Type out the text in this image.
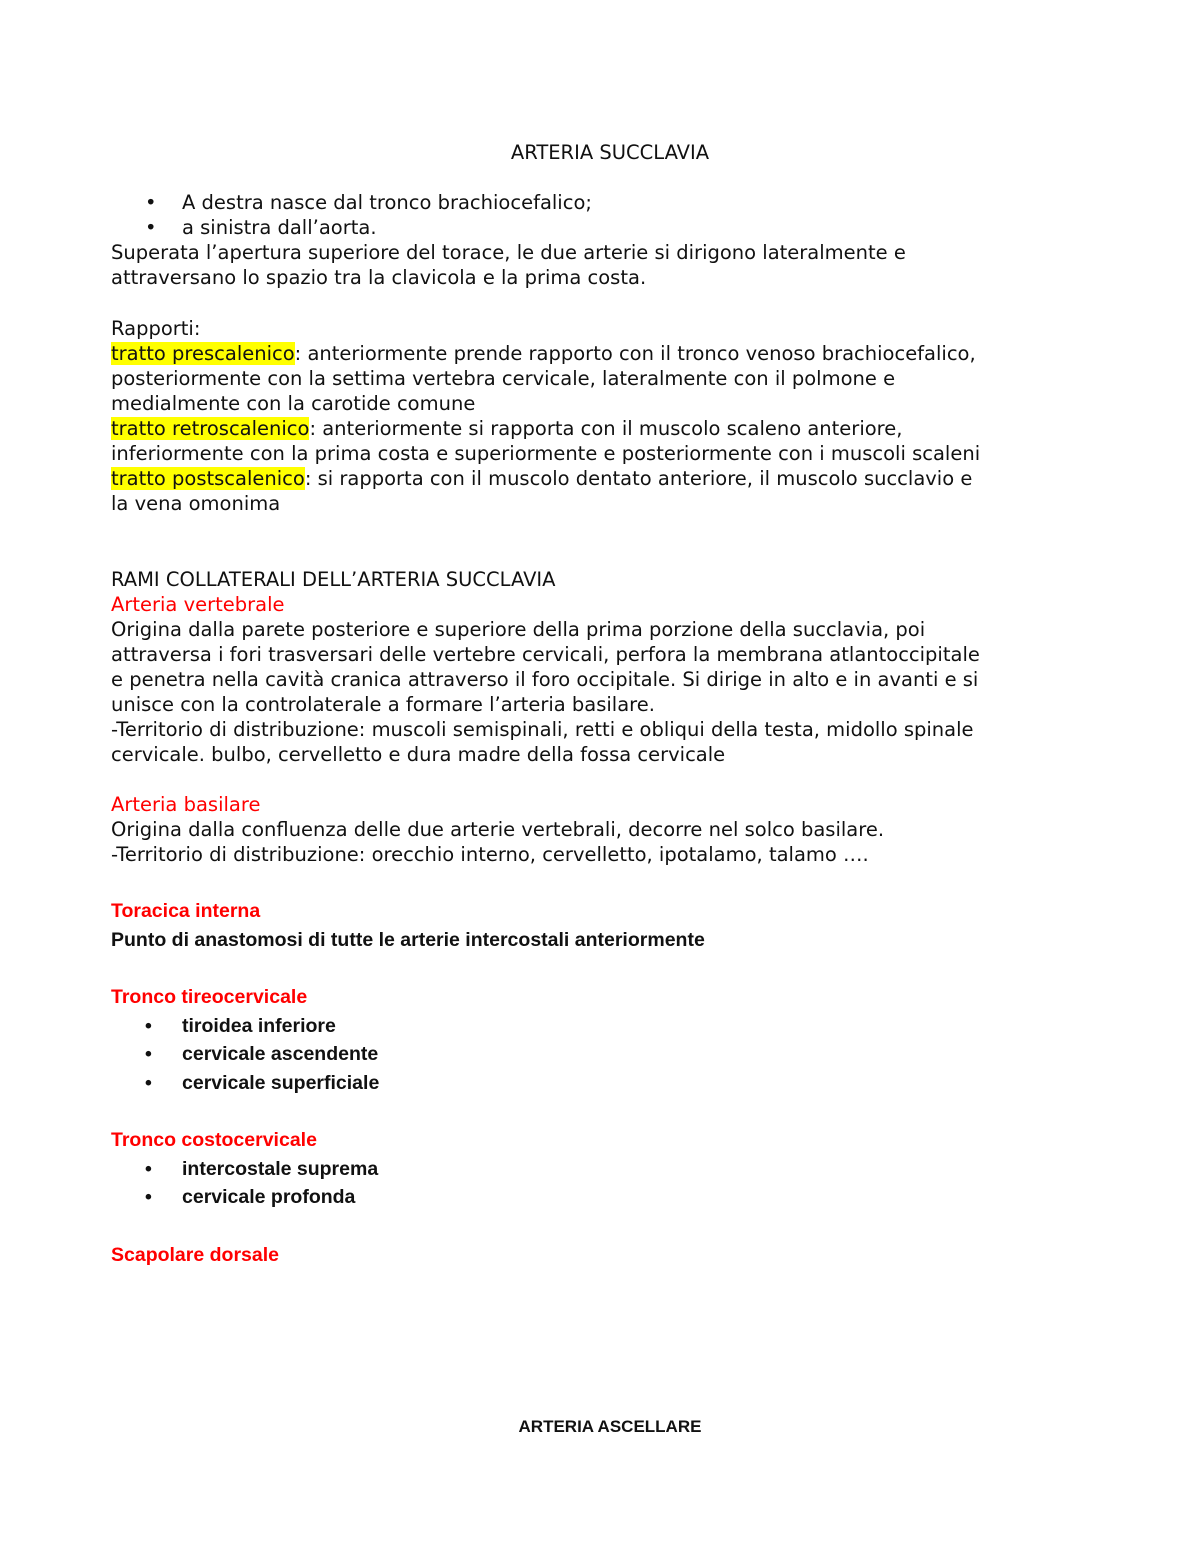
ARTERIA SUCCLAVIA
• A destra nasce dal tronco brachiocefalico;
• a sinistra dall’aorta.
Superata l’apertura superiore del torace, le due arterie si dirigono lateralmente e
attraversano lo spazio tra la clavicola e la prima costa.
Rapporti:
tratto prescalenico: anteriormente prende rapporto con il tronco venoso brachiocefalico,
posteriormente con la settima vertebra cervicale, lateralmente con il polmone e
medialmente con la carotide comune
tratto retroscalenico: anteriormente si rapporta con il muscolo scaleno anteriore,
inferiormente con la prima costa e superiormente e posteriormente con i muscoli scaleni
tratto postscalenico: si rapporta con il muscolo dentato anteriore, il muscolo succlavio e
la vena omonima
RAMI COLLATERALI DELL’ARTERIA SUCCLAVIA
Arteria vertebrale
Origina dalla parete posteriore e superiore della prima porzione della succlavia, poi
attraversa i fori trasversari delle vertebre cervicali, perfora la membrana atlantoccipitale
e penetra nella cavità cranica attraverso il foro occipitale. Si dirige in alto e in avanti e si
unisce con la controlaterale a formare l’arteria basilare.
-Territorio di distribuzione: muscoli semispinali, retti e obliqui della testa, midollo spinale
cervicale. bulbo, cervelletto e dura madre della fossa cervicale
Arteria basilare
Origina dalla confluenza delle due arterie vertebrali, decorre nel solco basilare.
-Territorio di distribuzione: orecchio interno, cervelletto, ipotalamo, talamo ….
Toracica interna
Punto di anastomosi di tutte le arterie intercostali anteriormente
Tronco tireocervicale
• tiroidea inferiore
• cervicale ascendente
• cervicale superficiale
Tronco costocervicale
• intercostale suprema
• cervicale profonda
Scapolare dorsale
ARTERIA ASCELLARE
